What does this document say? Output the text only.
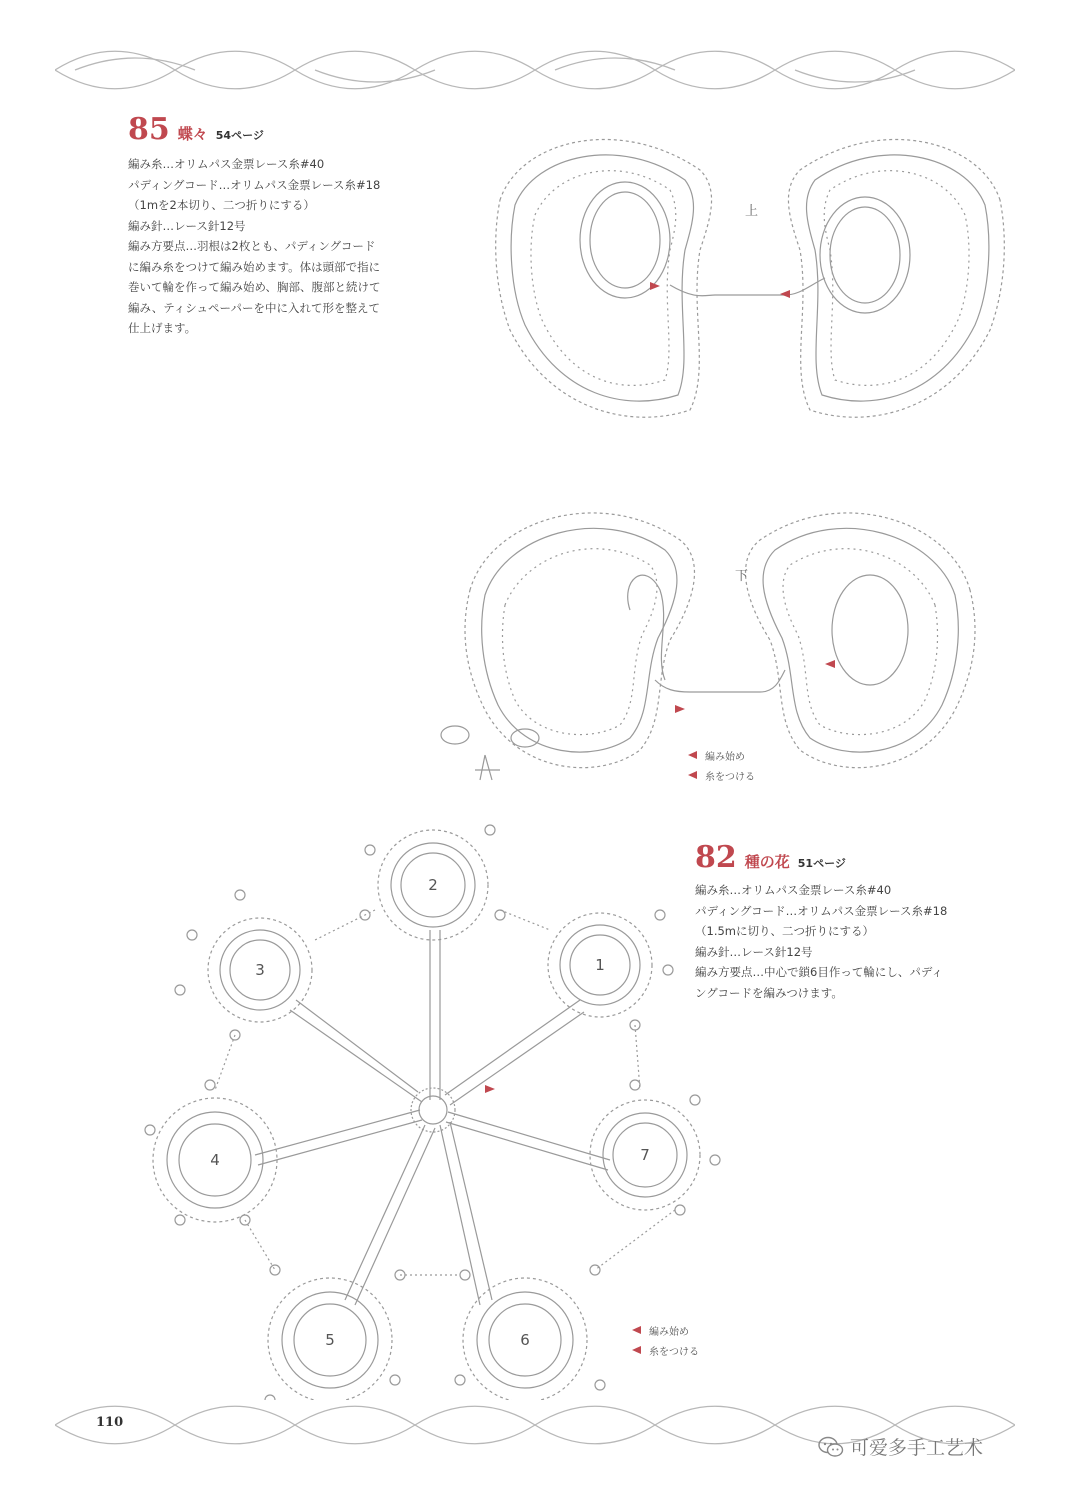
85 蝶々 54ページ
編み糸…オリムパス金票レース糸#40
パディングコード…オリムパス金票レース糸#18
（1mを2本切り、二つ折りにする）
編み針…レース針12号
編み方要点…羽根は2枚とも、パディングコード
に編み糸をつけて編み始めます。体は頭部で指に
巻いて輪を作って編み始め、胸部、腹部と続けて
編み、ティシュペーパーを中に入れて形を整えて
仕上げます。
上
下
編み始め
糸をつける
82 種の花 51ページ
編み糸…オリムパス金票レース糸#40
パディングコード…オリムパス金票レース糸#18
（1.5mに切り、二つ折りにする）
編み針…レース針12号
編み方要点…中心で鎖6目作って輪にし、パディ
ングコードを編みつけます。
1
2
3
4
5	6
7
編み始め
糸をつける
110
可爱多手工艺术
